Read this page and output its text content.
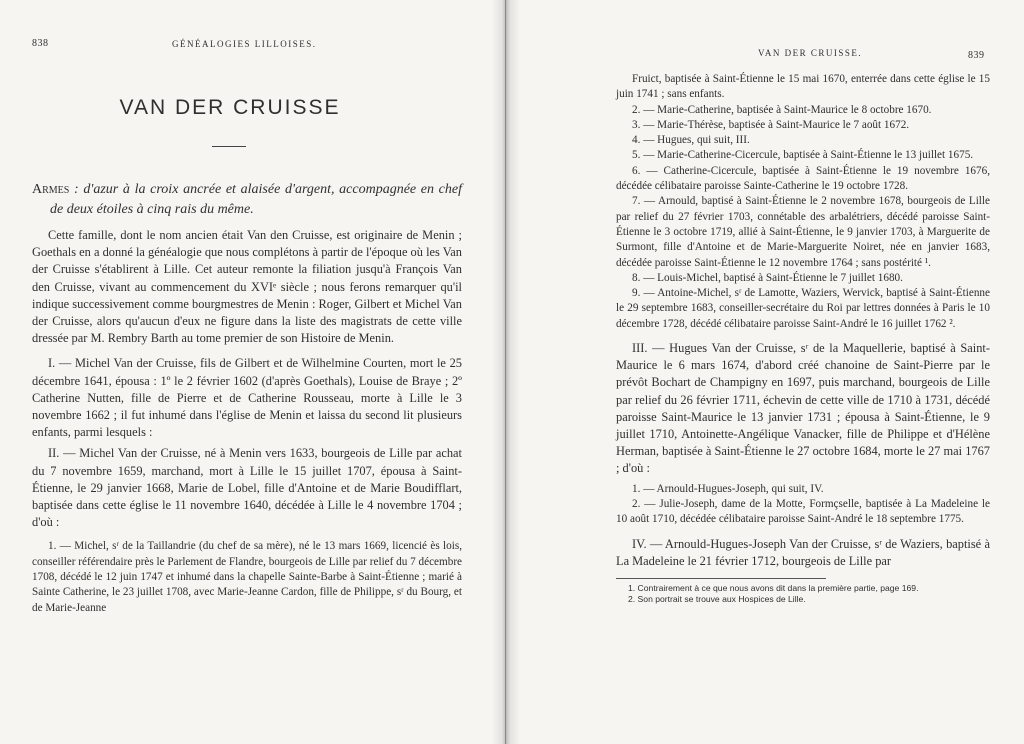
838	GÉNÉALOGIES LILLOISES.
VAN DER CRUISSE

Armes : d'azur à la croix ancrée et alaisée d'argent, accompagnée en chef de deux étoiles à cinq rais du même.

Cette famille, dont le nom ancien était Van den Cruisse, est originaire de Menin ; Goethals en a donné la généalogie que nous complétons à partir de l'époque où les Van der Cruisse s'établirent à Lille. Cet auteur remonte la filiation jusqu'à François Van den Cruisse, vivant au commencement du XVIᵉ siècle ; nous ferons remarquer qu'il indique successivement comme bourgmestres de Menin : Roger, Gilbert et Michel Van der Cruisse, alors qu'aucun d'eux ne figure dans la liste des magistrats de cette ville dressée par M. Rembry Barth au tome premier de son Histoire de Menin.

I. — Michel Van der Cruisse, fils de Gilbert et de Wilhelmine Courten, mort le 25 décembre 1641, épousa : 1º le 2 février 1602 (d'après Goethals), Louise de Braye ; 2º Catherine Nutten, fille de Pierre et de Catherine Rousseau, morte à Lille le 3 novembre 1662 ; il fut inhumé dans l'église de Menin et laissa du second lit plusieurs enfants, parmi lesquels :

II. — Michel Van der Cruisse, né à Menin vers 1633, bourgeois de Lille par achat du 7 novembre 1659, marchand, mort à Lille le 15 juillet 1707, épousa à Saint-Étienne, le 29 janvier 1668, Marie de Lobel, fille d'Antoine et de Marie Boudifflart, baptisée dans cette église le 11 novembre 1640, décédée à Lille le 4 novembre 1704 ; d'où :

1. — Michel, sʳ de la Taillandrie (du chef de sa mère), né le 13 mars 1669, licencié ès lois, conseiller référendaire près le Parlement de Flandre, bourgeois de Lille par relief du 7 décembre 1708, décédé le 12 juin 1747 et inhumé dans la chapelle Sainte-Barbe à Saint-Étienne ; marié à Sainte Catherine, le 23 juillet 1708, avec Marie-Jeanne Cardon, fille de Philippe, sʳ du Bourg, et de Marie-Jeanne

VAN DER CRUISSE.	839

Fruict, baptisée à Saint-Étienne le 15 mai 1670, enterrée dans cette église le 15 juin 1741 ; sans enfants.

2. — Marie-Catherine, baptisée à Saint-Maurice le 8 octobre 1670.

3. — Marie-Thérèse, baptisée à Saint-Maurice le 7 août 1672.

4. — Hugues, qui suit, III.

5. — Marie-Catherine-Cicercule, baptisée à Saint-Étienne le 13 juillet 1675.

6. — Catherine-Cicercule, baptisée à Saint-Étienne le 19 novembre 1676, décédée célibataire paroisse Sainte-Catherine le 19 octobre 1728.

7. — Arnould, baptisé à Saint-Étienne le 2 novembre 1678, bourgeois de Lille par relief du 27 février 1703, connétable des arbalétriers, décédé paroisse Saint-Étienne le 3 octobre 1719, allié à Saint-Étienne, le 9 janvier 1703, à Marguerite de Surmont, fille d'Antoine et de Marie-Marguerite Noiret, née en janvier 1683, décédée paroisse Saint-Étienne le 12 novembre 1764 ; sans postérité ¹.

8. — Louis-Michel, baptisé à Saint-Étienne le 7 juillet 1680.

9. — Antoine-Michel, sʳ de Lamotte, Waziers, Wervick, baptisé à Saint-Étienne le 29 septembre 1683, conseiller-secrétaire du Roi par lettres données à Paris le 10 décembre 1728, décédé célibataire paroisse Saint-André le 16 juillet 1762 ².

III. — Hugues Van der Cruisse, sʳ de la Maquellerie, baptisé à Saint-Maurice le 6 mars 1674, d'abord créé chanoine de Saint-Pierre par le prévôt Bochart de Champigny en 1697, puis marchand, bourgeois de Lille par relief du 26 février 1711, échevin de cette ville de 1710 à 1731, décédé paroisse Saint-Maurice le 13 janvier 1731 ; épousa à Saint-Étienne, le 9 juillet 1710, Antoinette-Angélique Vanacker, fille de Philippe et d'Hélène Herman, baptisée à Saint-Étienne le 27 octobre 1684, morte le 27 mai 1767 ; d'où :

1. — Arnould-Hugues-Joseph, qui suit, IV.

2. — Julie-Joseph, dame de la Motte, Formçselle, baptisée à La Madeleine le 10 août 1710, décédée célibataire paroisse Saint-André le 18 septembre 1775.

IV. — Arnould-Hugues-Joseph Van der Cruisse, sʳ de Waziers, baptisé à La Madeleine le 21 février 1712, bourgeois de Lille par

1. Contrairement à ce que nous avons dit dans la première partie, page 169.

2. Son portrait se trouve aux Hospices de Lille.
